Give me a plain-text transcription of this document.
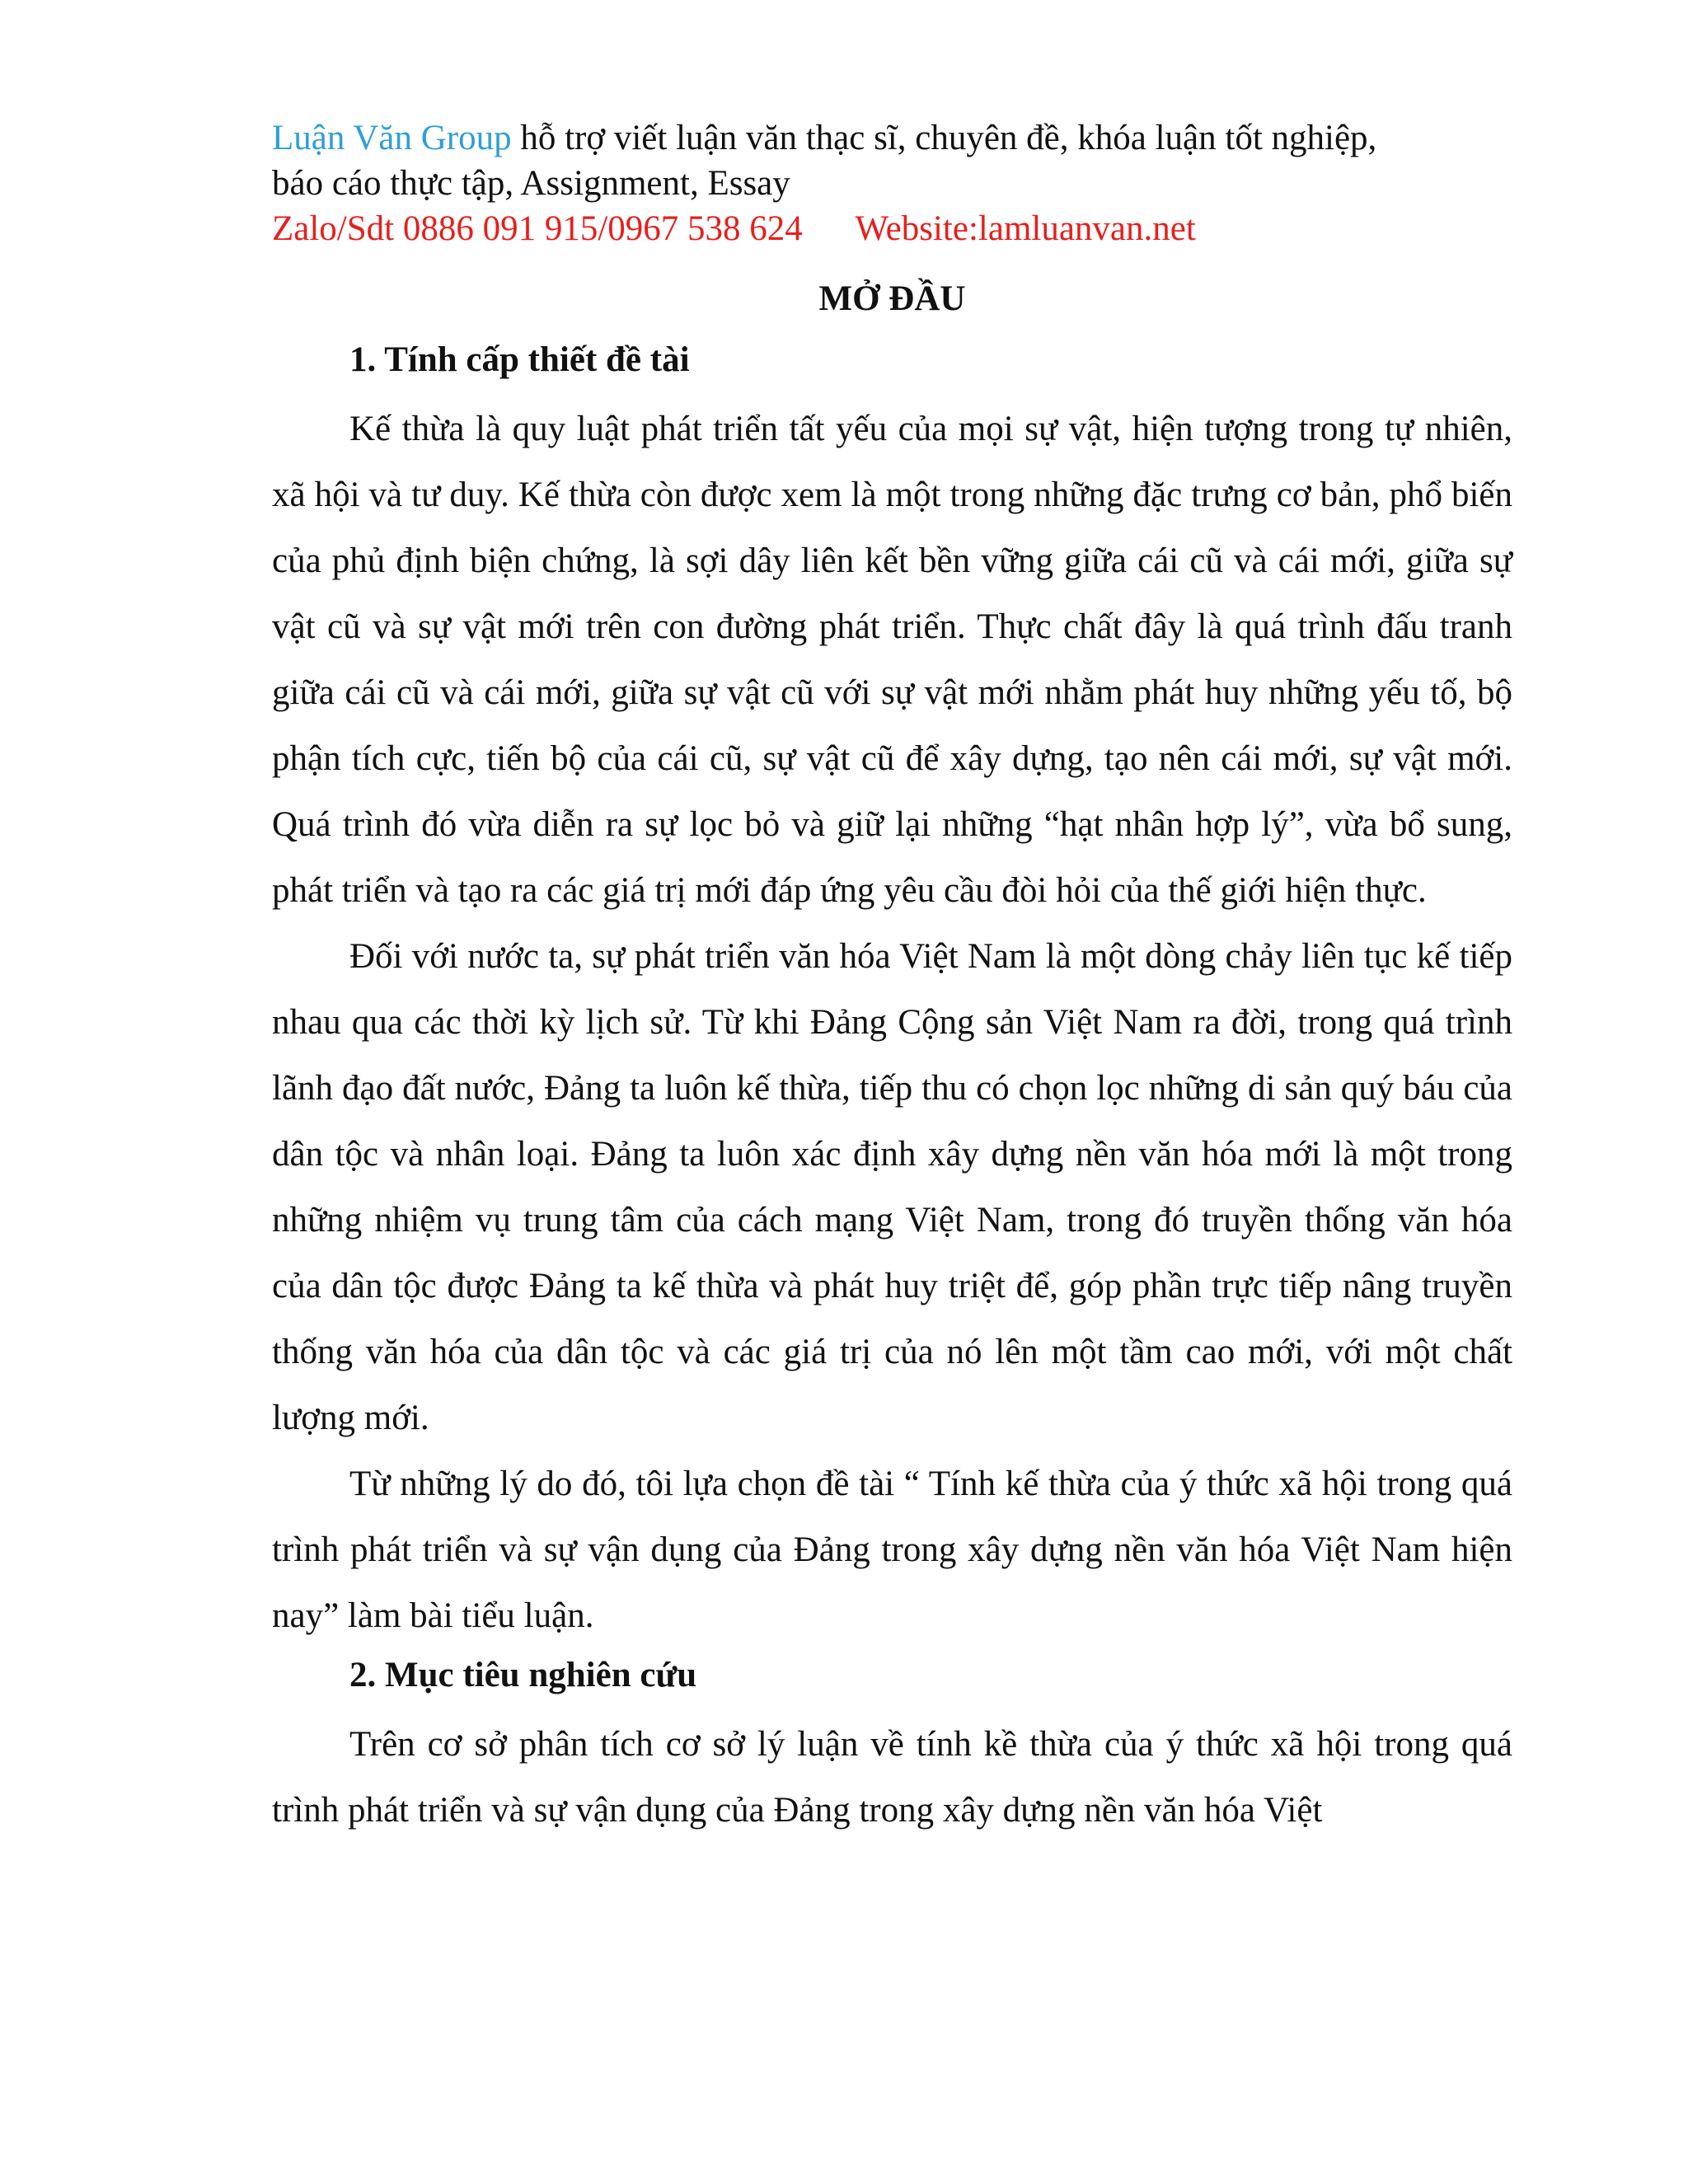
Luận Văn Group hỗ trợ viết luận văn thạc sĩ, chuyên đề, khóa luận tốt nghiệp,
báo cáo thực tập, Assignment, Essay
Zalo/Sdt 0886 091 915/0967 538 624      Website:lamluanvan.net
MỞ ĐẦU
1. Tính cấp thiết đề tài

Kế thừa là quy luật phát triển tất yếu của mọi sự vật, hiện tượng trong tự nhiên, xã hội và tư duy. Kế thừa còn được xem là một trong những đặc trưng cơ bản, phổ biến của phủ định biện chứng, là sợi dây liên kết bền vững giữa cái cũ và cái mới, giữa sự vật cũ và sự vật mới trên con đường phát triển. Thực chất đây là quá trình đấu tranh giữa cái cũ và cái mới, giữa sự vật cũ với sự vật mới nhằm phát huy những yếu tố, bộ phận tích cực, tiến bộ của cái cũ, sự vật cũ để xây dựng, tạo nên cái mới, sự vật mới. Quá trình đó vừa diễn ra sự lọc bỏ và giữ lại những “hạt nhân hợp lý”, vừa bổ sung, phát triển và tạo ra các giá trị mới đáp ứng yêu cầu đòi hỏi của thế giới hiện thực.

Đối với nước ta, sự phát triển văn hóa Việt Nam là một dòng chảy liên tục kế tiếp nhau qua các thời kỳ lịch sử. Từ khi Đảng Cộng sản Việt Nam ra đời, trong quá trình lãnh đạo đất nước, Đảng ta luôn kế thừa, tiếp thu có chọn lọc những di sản quý báu của dân tộc và nhân loại. Đảng ta luôn xác định xây dựng nền văn hóa mới là một trong những nhiệm vụ trung tâm của cách mạng Việt Nam, trong đó truyền thống văn hóa của dân tộc được Đảng ta kế thừa và phát huy triệt để, góp phần trực tiếp nâng truyền thống văn hóa của dân tộc và các giá trị của nó lên một tầm cao mới, với một chất lượng mới.

Từ những lý do đó, tôi lựa chọn đề tài “ Tính kế thừa của ý thức xã hội trong quá trình phát triển và sự vận dụng của Đảng trong xây dựng nền văn hóa Việt Nam hiện nay” làm bài tiểu luận.

2. Mục tiêu nghiên cứu

Trên cơ sở phân tích cơ sở lý luận về tính kề thừa của ý thức xã hội trong quá trình phát triển và sự vận dụng của Đảng trong xây dựng nền văn hóa Việt
